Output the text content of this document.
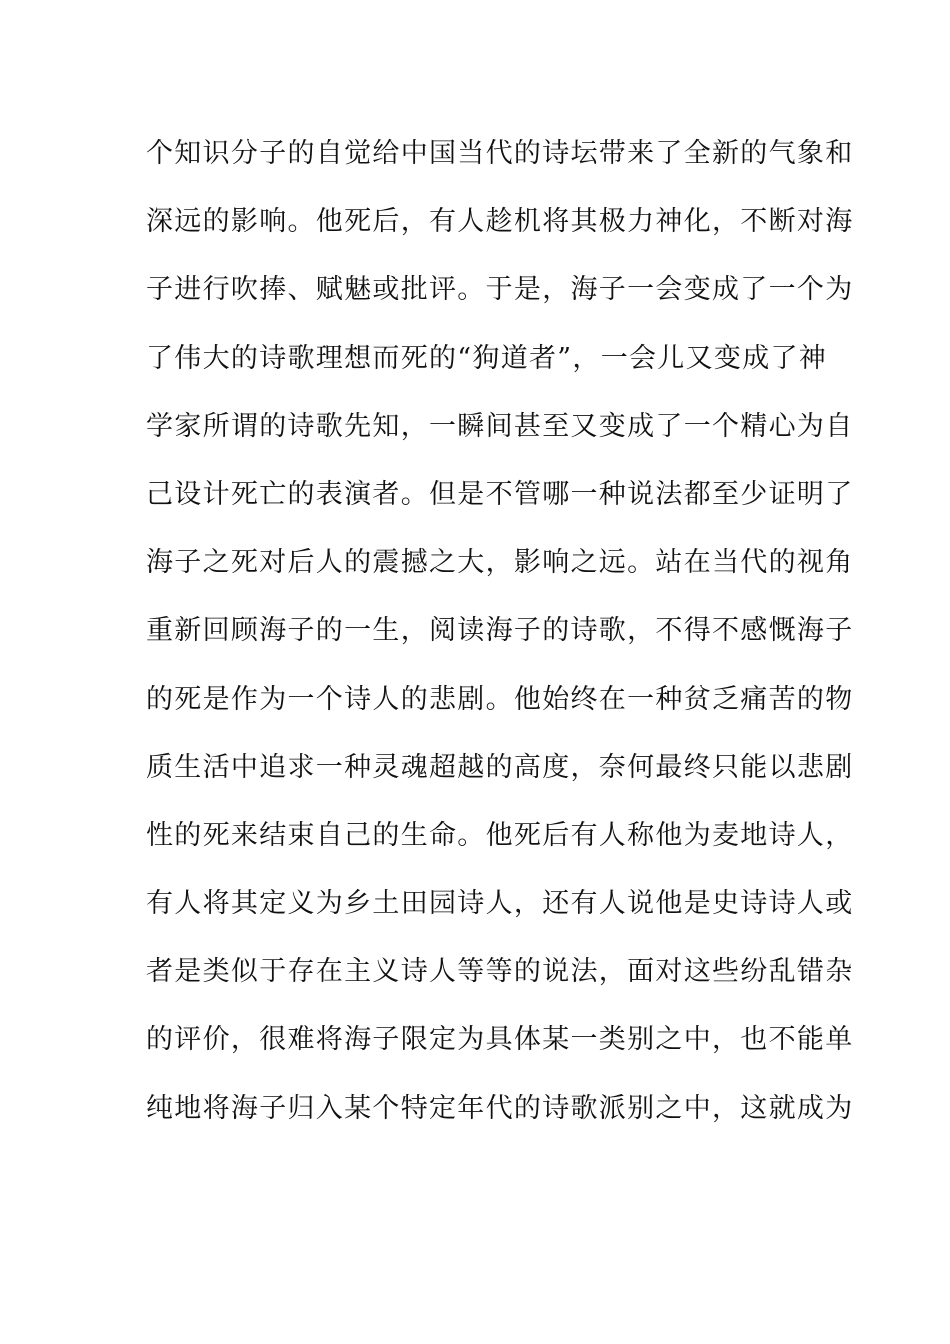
个知识分子的自觉给中国当代的诗坛带来了全新的气象和
深远的影响。他死后，有人趁机将其极力神化，不断对海
子进行吹捧、赋魅或批评。于是，海子一会变成了一个为
了伟大的诗歌理想而死的“狗道者”，一会儿又变成了神
学家所谓的诗歌先知，一瞬间甚至又变成了一个精心为自
己设计死亡的表演者。但是不管哪一种说法都至少证明了
海子之死对后人的震撼之大，影响之远。站在当代的视角
重新回顾海子的一生，阅读海子的诗歌，不得不感慨海子
的死是作为一个诗人的悲剧。他始终在一种贫乏痛苦的物
质生活中追求一种灵魂超越的高度，奈何最终只能以悲剧
性的死来结束自己的生命。他死后有人称他为麦地诗人，
有人将其定义为乡土田园诗人，还有人说他是史诗诗人或
者是类似于存在主义诗人等等的说法，面对这些纷乱错杂
的评价，很难将海子限定为具体某一类别之中，也不能单
纯地将海子归入某个特定年代的诗歌派别之中，这就成为
